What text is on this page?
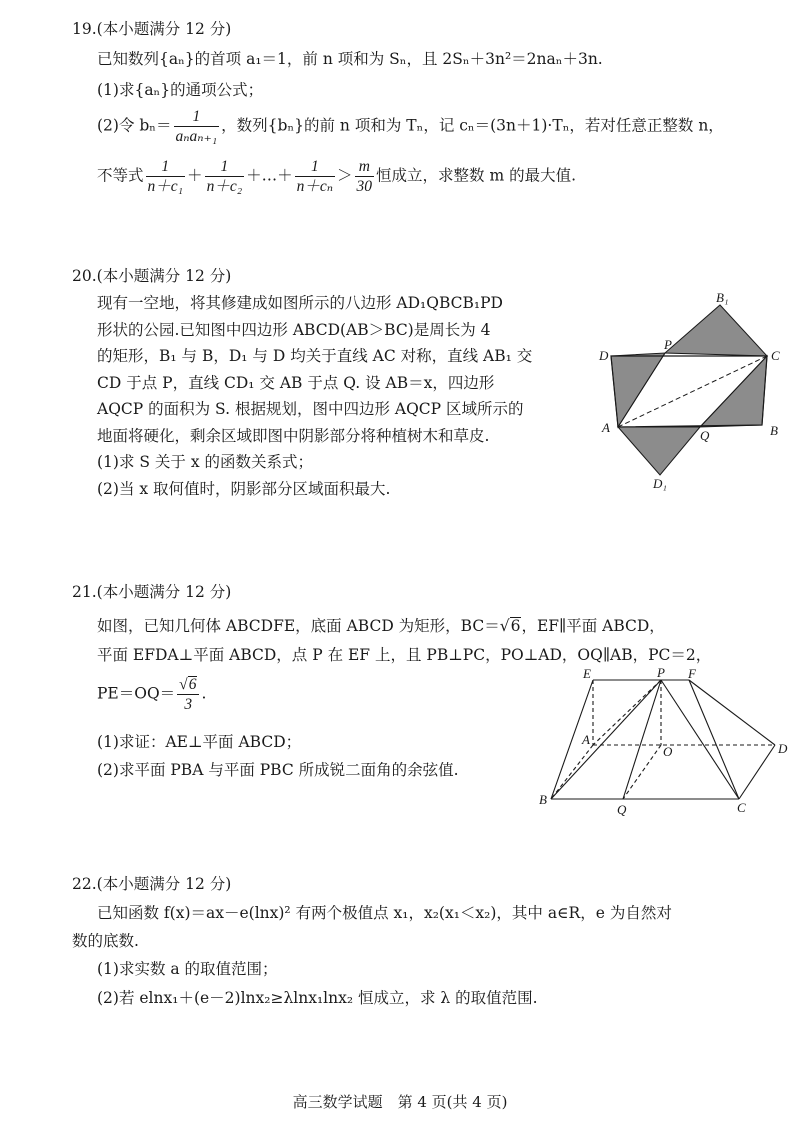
19.(本小题满分 12 分)
已知数列{aₙ}的首项 a₁＝1，前 n 项和为 Sₙ，且 2Sₙ＋3n²＝2naₙ＋3n.
(1)求{aₙ}的通项公式；
(2)令 $b_n= \frac{1}{\text{aₙaₙ₊₁}}$ ，数列{bₙ}的前 n 项和为 Tₙ，记 cₙ＝(3n＋1)·Tₙ，若对任意正整数 n，
不等式 $\frac{1}{\text{n＋c₁}} + \frac{1}{\text{n＋c₂}}$ ＋…＋ $\frac{1}{\text{n＋cₙ}} > \frac{m}{30}$ 恒成立，求整数 m 的最大值.
20.(本小题满分 12 分)
现有一空地，将其修建成如图所示的八边形 AD₁QBCB₁PD
形状的公园.已知图中四边形 ABCD(AB＞BC)是周长为 4
的矩形，B₁ 与 B，D₁ 与 D 均关于直线 AC 对称，直线 AB₁ 交
CD 于点 P，直线 CD₁ 交 AB 于点 Q. 设 AB＝x，四边形
AQCP 的面积为 S. 根据规划，图中四边形 AQCP 区域所示的
地面将硬化，剩余区域即图中阴影部分将种植树木和草皮.
(1)求 S 关于 x 的函数关系式；
(2)当 x 取何值时，阴影部分区域面积最大.
B₁
D
P
C
A
Q	B
D₁
21.(本小题满分 12 分)
如图，已知几何体 ABCDFE，底面 ABCD 为矩形，BC＝√6，EF∥平面 ABCD，
平面 EFDA⊥平面 ABCD，点 P 在 EF 上，且 PB⊥PC，PO⊥AD，OQ∥AB，PC＝2，
$PE=OQ= \frac{√6}{3}$ .
(1)求证：AE⊥平面 ABCD；
(2)求平面 PBA 与平面 PBC 所成锐二面角的余弦值.
E	P F
A
O	D
B
Q	C
22.(本小题满分 12 分)
已知函数 f(x)＝ax－e(lnx)² 有两个极值点 x₁，x₂(x₁＜x₂)，其中 a∈R，e 为自然对
数的底数.
(1)求实数 a 的取值范围；
(2)若 elnx₁＋(e－2)lnx₂≥λlnx₁lnx₂ 恒成立，求 λ 的取值范围.
高三数学试题　第 4 页(共 4 页)
